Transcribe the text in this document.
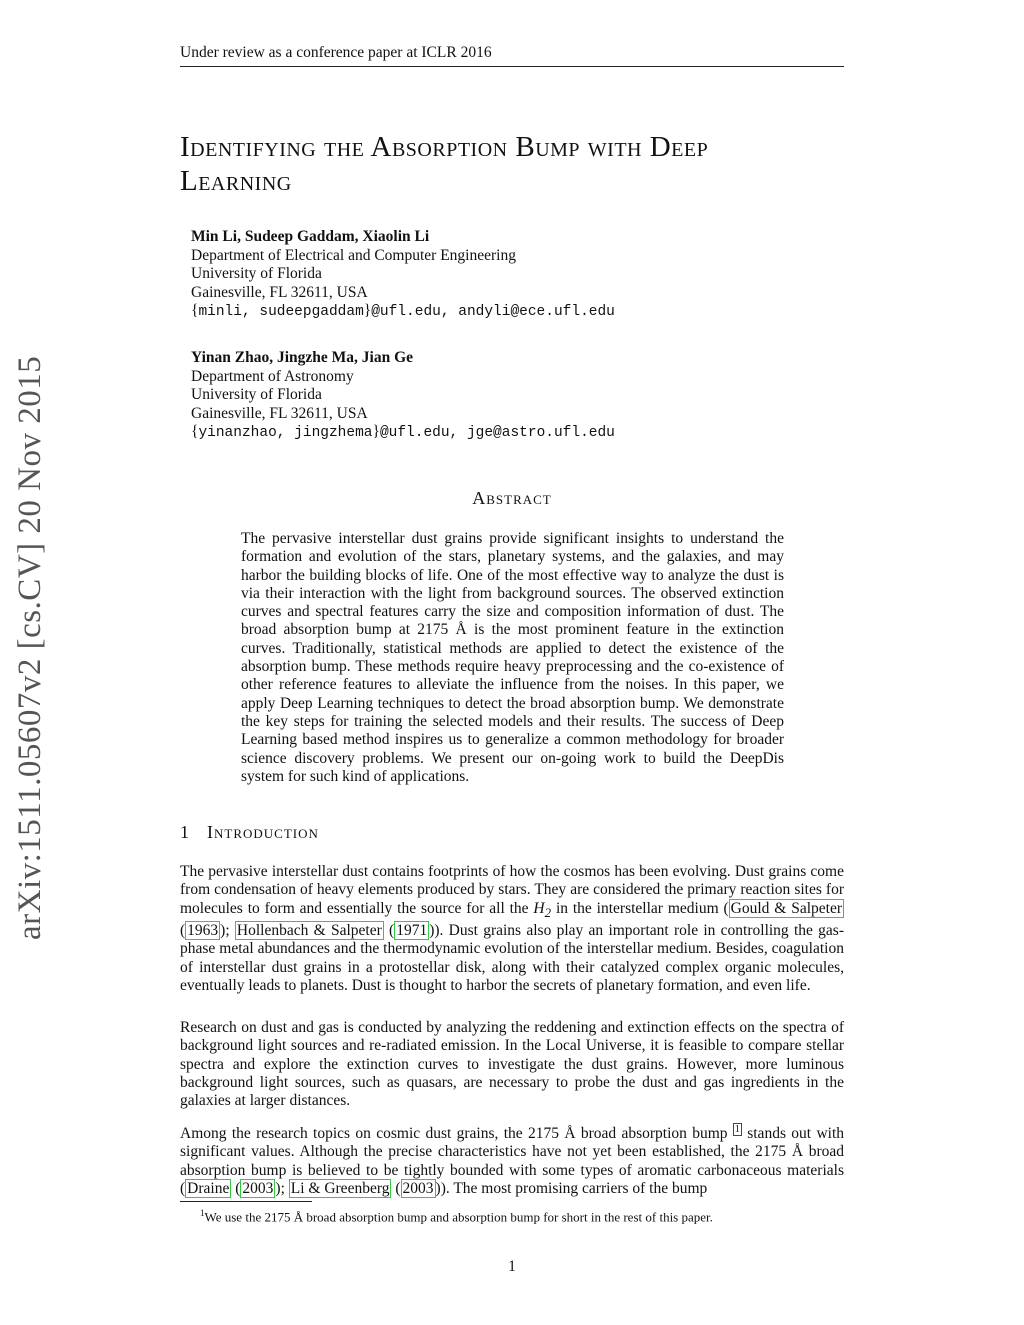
Under review as a conference paper at ICLR 2016
arXiv:1511.05607v2 [cs.CV] 20 Nov 2015
Identifying the Absorption Bump with Deep
Learning
Min Li, Sudeep Gaddam, Xiaolin Li
Department of Electrical and Computer Engineering
University of Florida
Gainesville, FL 32611, USA
{minli, sudeepgaddam}@ufl.edu, andyli@ece.ufl.edu
Yinan Zhao, Jingzhe Ma, Jian Ge
Department of Astronomy
University of Florida
Gainesville, FL 32611, USA
{yinanzhao, jingzhema}@ufl.edu, jge@astro.ufl.edu
Abstract
The pervasive interstellar dust grains provide significant insights to understand the formation and evolution of the stars, planetary systems, and the galaxies, and may harbor the building blocks of life. One of the most effective way to analyze the dust is via their interaction with the light from background sources. The observed extinction curves and spectral features carry the size and composition information of dust. The broad absorption bump at 2175 Å is the most prominent feature in the extinction curves. Traditionally, statistical methods are applied to detect the existence of the absorption bump. These methods require heavy preprocessing and the co-existence of other reference features to alleviate the influence from the noises. In this paper, we apply Deep Learning techniques to detect the broad absorption bump. We demonstrate the key steps for training the selected models and their results. The success of Deep Learning based method inspires us to generalize a common methodology for broader science discovery problems. We present our on-going work to build the DeepDis system for such kind of applications.
1 Introduction
The pervasive interstellar dust contains footprints of how the cosmos has been evolving. Dust grains come from condensation of heavy elements produced by stars. They are considered the primary reaction sites for molecules to form and essentially the source for all the $H_2$ in the interstellar medium ( Gould & Salpeter ( 1963 ); Hollenbach & Salpeter ( 1971 )). Dust grains also play an important role in controlling the gas-phase metal abundances and the thermodynamic evolution of the interstellar medium. Besides, coagulation of interstellar dust grains in a protostellar disk, along with their catalyzed complex organic molecules, eventually leads to planets. Dust is thought to harbor the secrets of planetary formation, and even life.
Research on dust and gas is conducted by analyzing the reddening and extinction effects on the spectra of background light sources and re-radiated emission. In the Local Universe, it is feasible to compare stellar spectra and explore the extinction curves to investigate the dust grains. However, more luminous background light sources, such as quasars, are necessary to probe the dust and gas ingredients in the galaxies at larger distances.
Among the research topics on cosmic dust grains, the 2175 Å broad absorption bump $^1$ stands out with significant values. Although the precise characteristics have not yet been established, the 2175 Å broad absorption bump is believed to be tightly bounded with some types of aromatic carbonaceous materials ( Draine ( 2003 ); Li & Greenberg ( 2003 )). The most promising carriers of the bump
$^1$We use the 2175 Å broad absorption bump and absorption bump for short in the rest of this paper.
1
